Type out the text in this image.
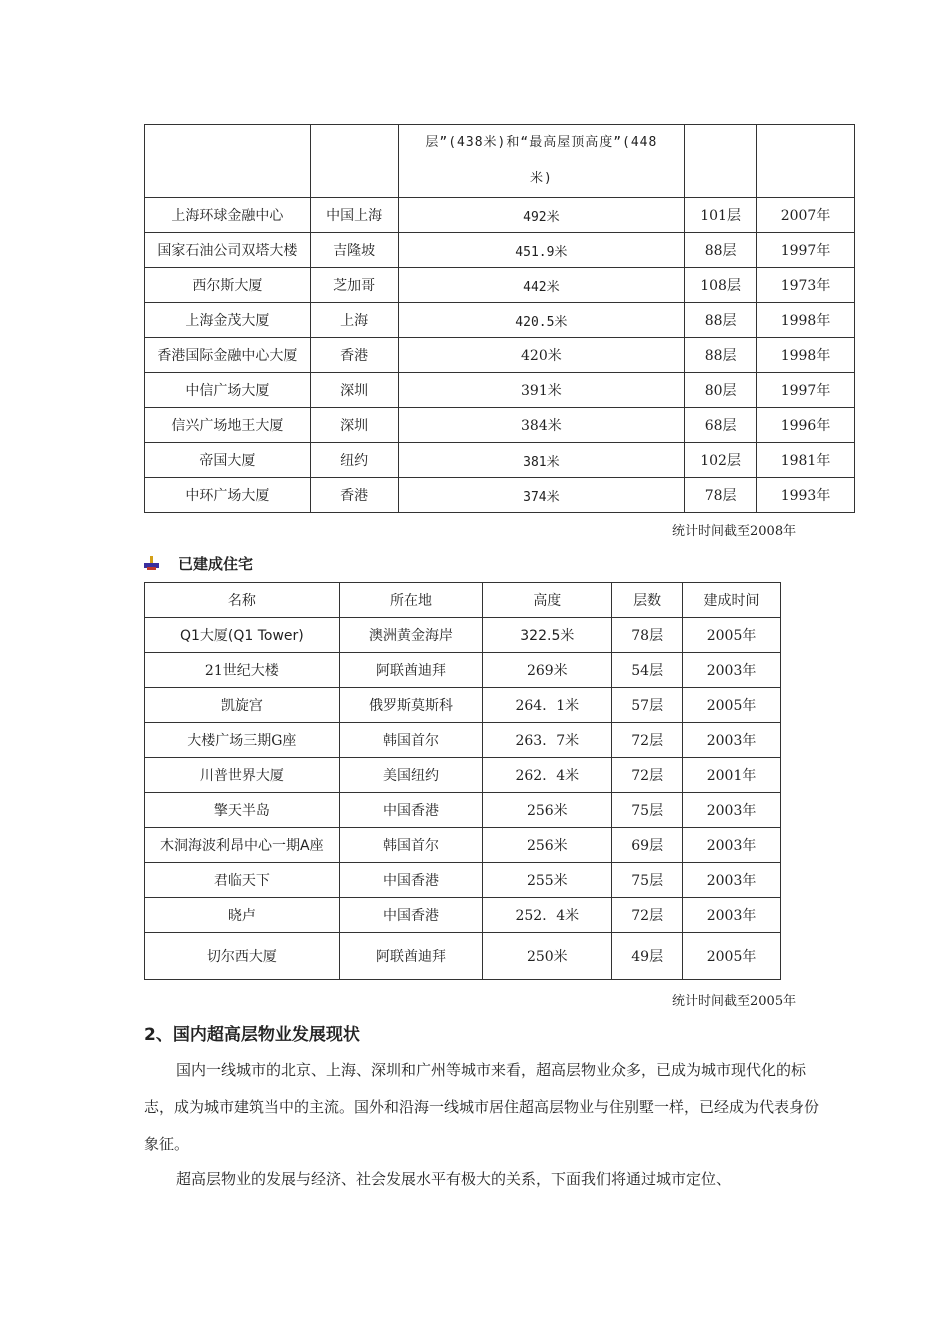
		层”(438米)和“最高屋顶高度”(448
米)		

上海环球金融中心	中国上海	492米	101层	2007年
国家石油公司双塔大楼	吉隆坡	451.9米	88层	1997年
西尔斯大厦	芝加哥	442米	108层	1973年
上海金茂大厦	上海	420.5米	88层	1998年
香港国际金融中心大厦	香港	420米	88层	1998年
中信广场大厦	深圳	391米	80层	1997年
信兴广场地王大厦	深圳	384米	68层	1996年
帝国大厦	纽约	381米	102层	1981年
中环广场大厦	香港	374米	78层	1993年
统计时间截至2008年
已建成住宅
名称	所在地	高度	层数	建成时间
Q1大厦(Q1 Tower)	澳洲黄金海岸	322.5米	78层	2005年
21世纪大楼	阿联酋迪拜	269米	54层	2003年
凯旋宫	俄罗斯莫斯科	264．1米	57层	2005年
大楼广场三期G座	韩国首尔	263．7米	72层	2003年
川普世界大厦	美国纽约	262．4米	72层	2001年
擎天半岛	中国香港	256米	75层	2003年
木洞海波利昂中心一期A座	韩国首尔	256米	69层	2003年
君临天下	中国香港	255米	75层	2003年
晓卢	中国香港	252．4米	72层	2003年
切尔西大厦	阿联酋迪拜	250米	49层	2005年
统计时间截至2005年
2、国内超高层物业发展现状
国内一线城市的北京、上海、深圳和广州等城市来看，超高层物业众多，已成为城市现代化的标志，成为城市建筑当中的主流。国外和沿海一线城市居住超高层物业与住别墅一样，已经成为代表身份象征。
超高层物业的发展与经济、社会发展水平有极大的关系，下面我们将通过城市定位、
